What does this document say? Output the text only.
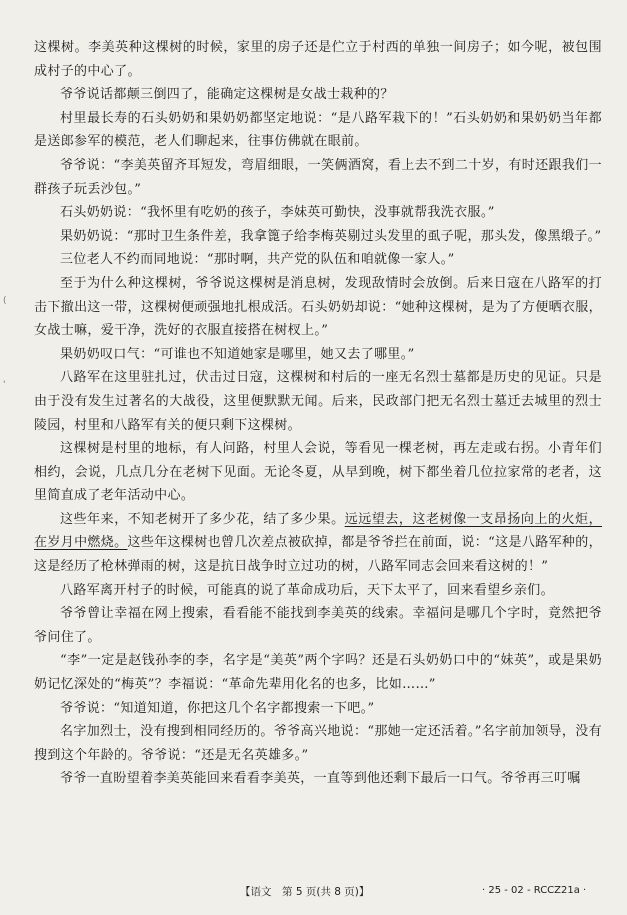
(
'

这棵树。李美英种这棵树的时候，家里的房子还是伫立于村西的单独一间房子；如今呢，被包围成村子的中心了。

爷爷说话都颠三倒四了，能确定这棵树是女战士栽种的？

村里最长寿的石头奶奶和果奶奶都坚定地说：“是八路军栽下的！”石头奶奶和果奶奶当年都是送郎参军的模范，老人们聊起来，往事仿佛就在眼前。

爷爷说：“李美英留齐耳短发，弯眉细眼，一笑俩酒窝，看上去不到二十岁，有时还跟我们一群孩子玩丢沙包。”

石头奶奶说：“我怀里有吃奶的孩子，李妹英可勤快，没事就帮我洗衣服。”

果奶奶说：“那时卫生条件差，我拿篦子给李梅英剔过头发里的虱子呢，那头发，像黑缎子。”

三位老人不约而同地说：“那时啊，共产党的队伍和咱就像一家人。”

至于为什么种这棵树，爷爷说这棵树是消息树，发现敌情时会放倒。后来日寇在八路军的打击下撤出这一带，这棵树便顽强地扎根成活。石头奶奶却说：“她种这棵树，是为了方便晒衣服，女战士嘛，爱干净，洗好的衣服直接搭在树杈上。”

果奶奶叹口气：“可谁也不知道她家是哪里，她又去了哪里。”

八路军在这里驻扎过，伏击过日寇，这棵树和村后的一座无名烈士墓都是历史的见证。只是由于没有发生过著名的大战役，这里便默默无闻。后来，民政部门把无名烈士墓迁去城里的烈士陵园，村里和八路军有关的便只剩下这棵树。

这棵树是村里的地标，有人问路，村里人会说，等看见一棵老树，再左走或右拐。小青年们相约，会说，几点几分在老树下见面。无论冬夏，从早到晚，树下都坐着几位拉家常的老者，这里简直成了老年活动中心。

这些年来，不知老树开了多少花，结了多少果。远远望去，这老树像一支昂扬向上的火炬，在岁月中燃烧。这些年这棵树也曾几次差点被砍掉，都是爷爷拦在前面，说：“这是八路军种的，这是经历了枪林弹雨的树，这是抗日战争时立过功的树，八路军同志会回来看这树的！”

八路军离开村子的时候，可能真的说了革命成功后，天下太平了，回来看望乡亲们。

爷爷曾让幸福在网上搜索，看看能不能找到李美英的线索。幸福问是哪几个字时，竟然把爷爷问住了。

“李”一定是赵钱孙李的李，名字是“美英”两个字吗？还是石头奶奶口中的“妹英”，或是果奶奶记忆深处的“梅英”？李福说：“革命先辈用化名的也多，比如……”

爷爷说：“知道知道，你把这几个名字都搜索一下吧。”

名字加烈士，没有搜到相同经历的。爷爷高兴地说：“那她一定还活着。”名字前加领导，没有搜到这个年龄的。爷爷说：“还是无名英雄多。”

爷爷一直盼望着李美英能回来看看李美英，一直等到他还剩下最后一口气。爷爷再三叮嘱

【语文　第 5 页(共 8 页)】	· 25 - 02 - RCCZ21a ·
